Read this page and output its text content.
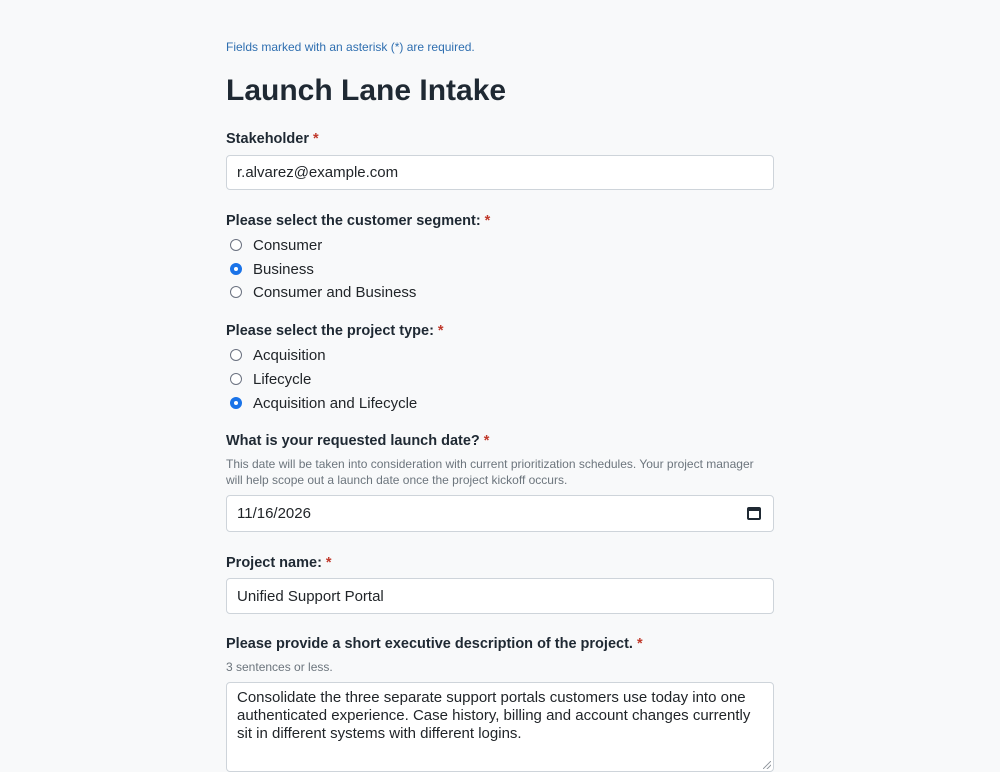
Fields marked with an asterisk (*) are required.
Launch Lane Intake
Stakeholder *
r.alvarez@example.com
Please select the customer segment: *
Consumer
Business
Consumer and Business
Please select the project type: *
Acquisition
Lifecycle
Acquisition and Lifecycle
What is your requested launch date? *
This date will be taken into consideration with current prioritization schedules. Your project manager will help scope out a launch date once the project kickoff occurs.
11/16/2026
Project name: *
Unified Support Portal
Please provide a short executive description of the project. *
3 sentences or less.
Consolidate the three separate support portals customers use today into one authenticated experience. Case history, billing and account changes currently sit in different systems with different logins.
